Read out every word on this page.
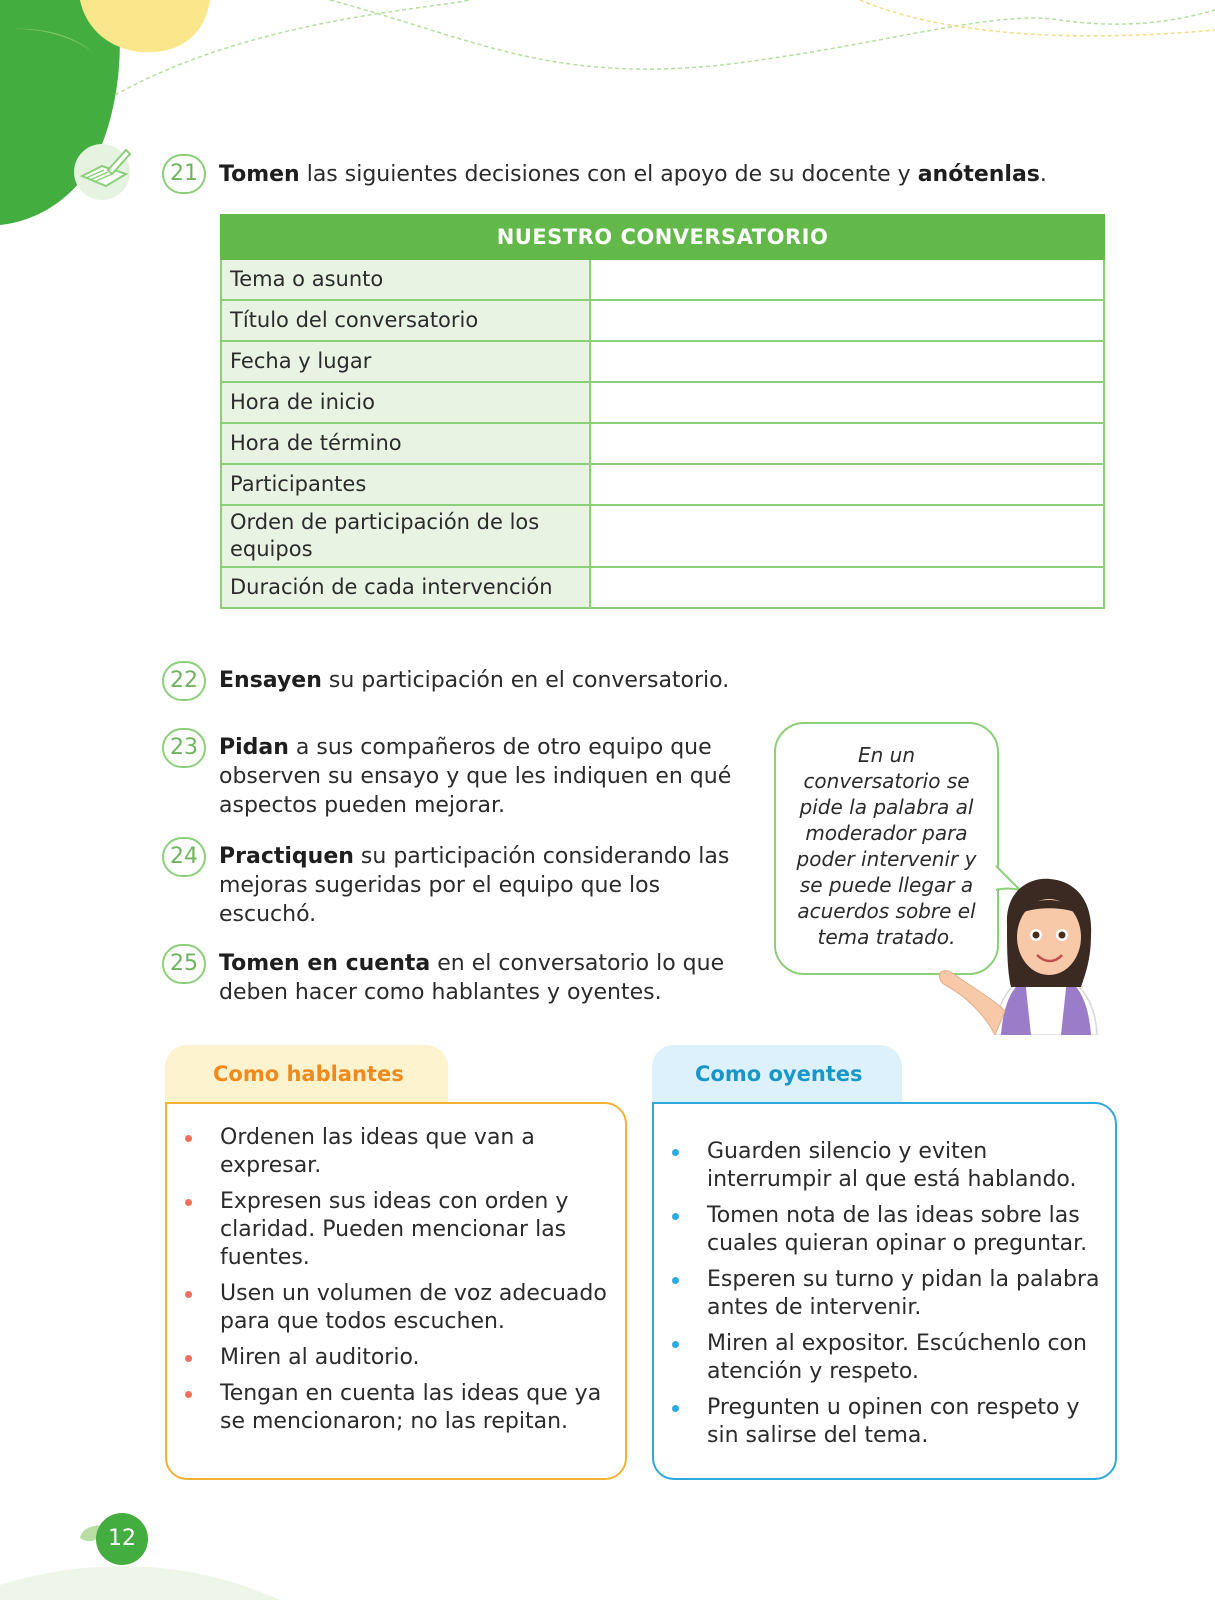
21 Tomen las siguientes decisiones con el apoyo de su docente y anótenlas.
NUESTRO CONVERSATORIO	
Tema o asunto	
Título del conversatorio	
Fecha y lugar	
Hora de inicio	
Hora de término	
Participantes	
Orden de participación de los equipos	
Duración de cada intervención	
22 Ensayen su participación en el conversatorio.
23 Pidan a sus compañeros de otro equipo que observen su ensayo y que les indiquen en qué aspectos pueden mejorar.
24 Practiquen su participación considerando las mejoras sugeridas por el equipo que los escuchó.
25 Tomen en cuenta en el conversatorio lo que deben hacer como hablantes y oyentes.
En un conversatorio se pide la palabra al moderador para poder intervenir y se puede llegar a acuerdos sobre el tema tratado.
Como hablantes
Ordenen las ideas que van a expresar.
Expresen sus ideas con orden y claridad. Pueden mencionar las fuentes.
Usen un volumen de voz adecuado para que todos escuchen.
Miren al auditorio.
Tengan en cuenta las ideas que ya se mencionaron; no las repitan.
Como oyentes
Guarden silencio y eviten interrumpir al que está hablando.
Tomen nota de las ideas sobre las cuales quieran opinar o preguntar.
Esperen su turno y pidan la palabra antes de intervenir.
Miren al expositor. Escúchenlo con atención y respeto.
Pregunten u opinen con respeto y sin salirse del tema.
12
